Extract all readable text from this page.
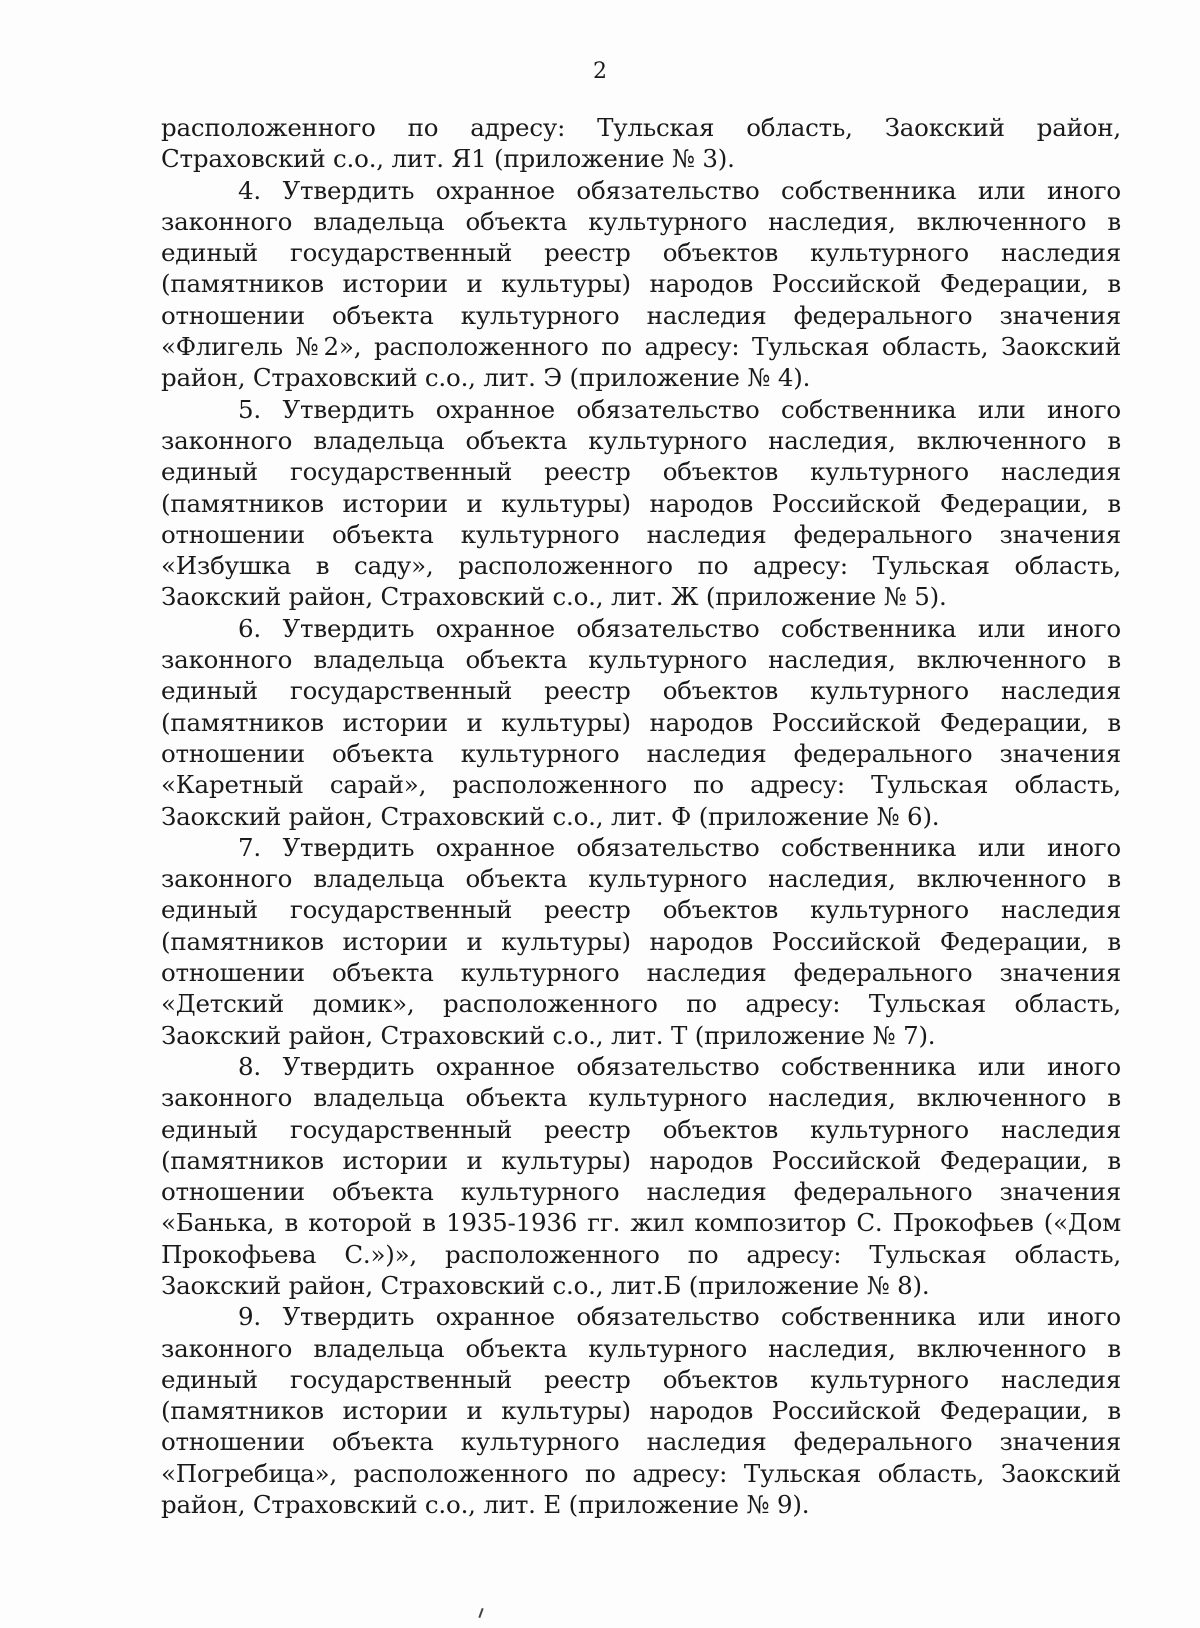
2

расположенного по адресу: Тульская область, Заокский район, Страховский с.о., лит. Я1 (приложение № 3).

4. Утвердить охранное обязательство собственника или иного законного владельца объекта культурного наследия, включенного в единый государственный реестр объектов культурного наследия (памятников истории и культуры) народов Российской Федерации, в отношении объекта культурного наследия федерального значения «Флигель №2», расположенного по адресу: Тульская область, Заокский район, Страховский с.о., лит. Э (приложение № 4).

5. Утвердить охранное обязательство собственника или иного законного владельца объекта культурного наследия, включенного в единый государственный реестр объектов культурного наследия (памятников истории и культуры) народов Российской Федерации, в отношении объекта культурного наследия федерального значения «Избушка в саду», расположенного по адресу: Тульская область, Заокский район, Страховский с.о., лит. Ж (приложение № 5).

6. Утвердить охранное обязательство собственника или иного законного владельца объекта культурного наследия, включенного в единый государственный реестр объектов культурного наследия (памятников истории и культуры) народов Российской Федерации, в отношении объекта культурного наследия федерального значения «Каретный сарай», расположенного по адресу: Тульская область, Заокский район, Страховский с.о., лит. Ф (приложение № 6).

7. Утвердить охранное обязательство собственника или иного законного владельца объекта культурного наследия, включенного в единый государственный реестр объектов культурного наследия (памятников истории и культуры) народов Российской Федерации, в отношении объекта культурного наследия федерального значения «Детский домик», расположенного по адресу: Тульская область, Заокский район, Страховский с.о., лит. Т (приложение № 7).

8. Утвердить охранное обязательство собственника или иного законного владельца объекта культурного наследия, включенного в единый государственный реестр объектов культурного наследия (памятников истории и культуры) народов Российской Федерации, в отношении объекта культурного наследия федерального значения «Банька, в которой в 1935-1936 гг. жил композитор С. Прокофьев («Дом Прокофьева С.»)», расположенного по адресу: Тульская область, Заокский район, Страховский с.о., лит.Б (приложение № 8).

9. Утвердить охранное обязательство собственника или иного законного владельца объекта культурного наследия, включенного в единый государственный реестр объектов культурного наследия (памятников истории и культуры) народов Российской Федерации, в отношении объекта культурного наследия федерального значения «Погребица», расположенного по адресу: Тульская область, Заокский район, Страховский с.о., лит. Е (приложение № 9).
